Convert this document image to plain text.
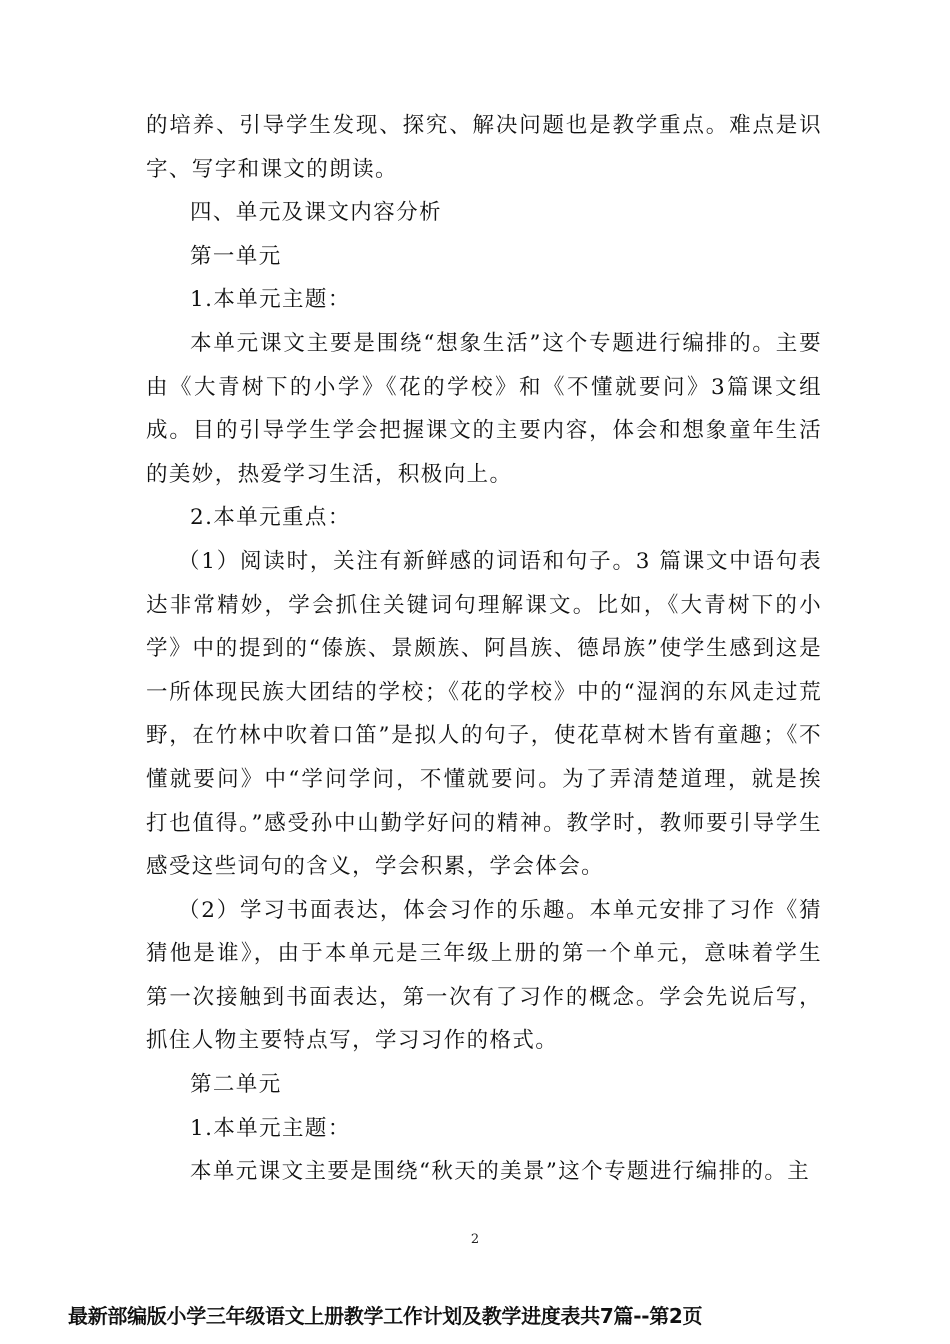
的培养、引导学生发现、探究、解决问题也是教学重点。难点是识字、写字和课文的朗读。

四、单元及课文内容分析

第一单元

1.本单元主题：

本单元课文主要是围绕“想象生活”这个专题进行编排的。主要由《大青树下的小学》《花的学校》和《不懂就要问》3篇课文组成。目的引导学生学会把握课文的主要内容，体会和想象童年生活的美妙，热爱学习生活，积极向上。

2.本单元重点：

（1）阅读时，关注有新鲜感的词语和句子。3 篇课文中语句表达非常精妙，学会抓住关键词句理解课文。比如，《大青树下的小学》中的提到的“傣族、景颇族、阿昌族、德昂族”使学生感到这是一所体现民族大团结的学校；《花的学校》中的“湿润的东风走过荒野，在竹林中吹着口笛”是拟人的句子，使花草树木皆有童趣；《不懂就要问》中“学问学问，不懂就要问。为了弄清楚道理，就是挨打也值得。”感受孙中山勤学好问的精神。教学时，教师要引导学生感受这些词句的含义，学会积累，学会体会。

（2）学习书面表达，体会习作的乐趣。本单元安排了习作《猜猜他是谁》，由于本单元是三年级上册的第一个单元，意味着学生第一次接触到书面表达，第一次有了习作的概念。学会先说后写，抓住人物主要特点写，学习习作的格式。

第二单元

1.本单元主题：

本单元课文主要是围绕“秋天的美景”这个专题进行编排的。主

2
最新部编版小学三年级语文上册教学工作计划及教学进度表共7篇--第2页
